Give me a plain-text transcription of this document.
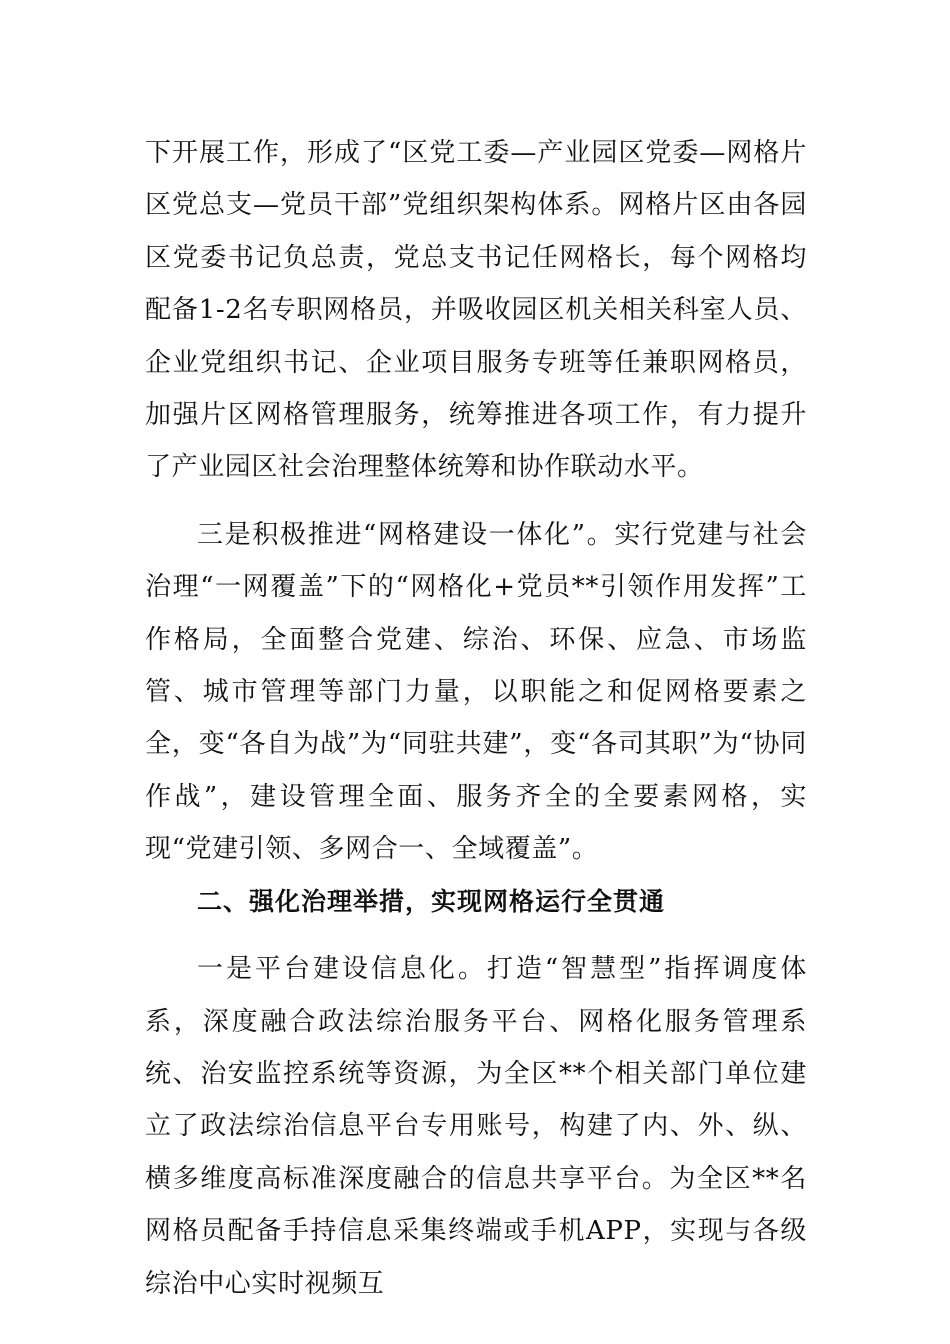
下开展工作，形成了“区党工委—产业园区党委—网格片区党总支—党员干部”党组织架构体系。网格片区由各园区党委书记负总责，党总支书记任网格长，每个网格均配备1-2名专职网格员，并吸收园区机关相关科室人员、企业党组织书记、企业项目服务专班等任兼职网格员，加强片区网格管理服务，统筹推进各项工作，有力提升了产业园区社会治理整体统筹和协作联动水平。

三是积极推进“网格建设一体化”。实行党建与社会治理“一网覆盖”下的“网格化+党员**引领作用发挥”工作格局，全面整合党建、综治、环保、应急、市场监管、城市管理等部门力量，以职能之和促网格要素之全，变“各自为战”为“同驻共建”，变“各司其职”为“协同作战”，建设管理全面、服务齐全的全要素网格，实现“党建引领、多网合一、全域覆盖”。

二、强化治理举措，实现网格运行全贯通

一是平台建设信息化。打造“智慧型”指挥调度体系，深度融合政法综治服务平台、网格化服务管理系统、治安监控系统等资源，为全区**个相关部门单位建立了政法综治信息平台专用账号，构建了内、外、纵、横多维度高标准深度融合的信息共享平台。为全区**名网格员配备手持信息采集终端或手机APP，实现与各级综治中心实时视频互
